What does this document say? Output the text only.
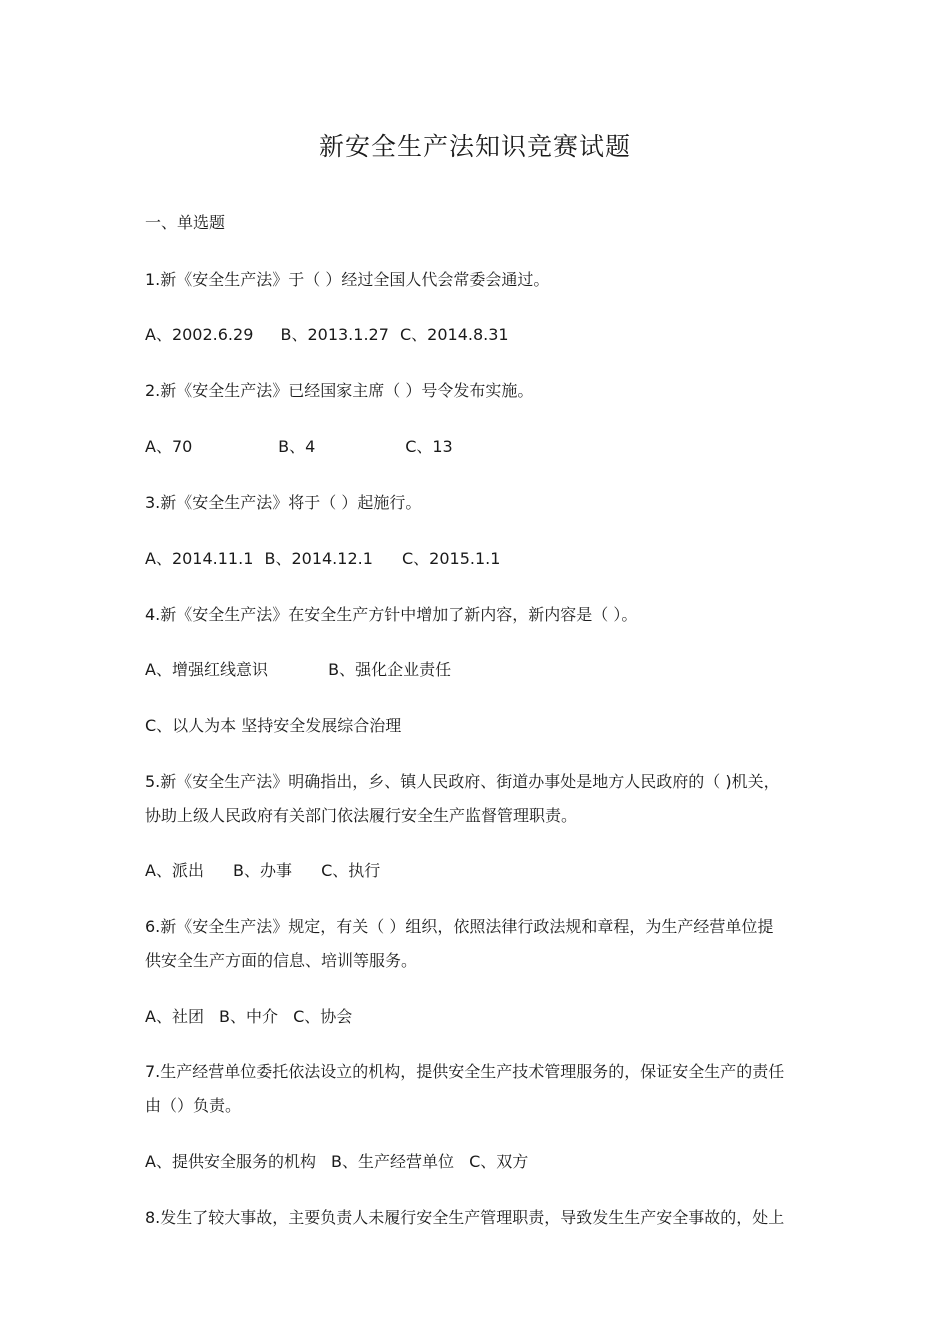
新安全生产法知识竞赛试题
一、单选题
1.新《安全生产法》于（ ）经过全国人代会常委会通过。
A、2002.6.29 B、2013.1.27 C、2014.8.31
2.新《安全生产法》已经国家主席（ ）号令发布实施。
A、70	B、4	C、13
3.新《安全生产法》将于（ ）起施行。
A、2014.11.1 B、2014.12.1 C、2015.1.1
4.新《安全生产法》在安全生产方针中增加了新内容，新内容是（ ）。
A、增强红线意识	B、强化企业责任
C、以人为本 坚持安全发展综合治理
5.新《安全生产法》明确指出，乡、镇人民政府、街道办事处是地方人民政府的（ )机关，
协助上级人民政府有关部门依法履行安全生产监督管理职责。
A、派出 B、办事 C、执行
6.新《安全生产法》规定，有关（ ）组织，依照法律行政法规和章程，为生产经营单位提
供安全生产方面的信息、培训等服务。
A、社团 B、中介 C、协会
7.生产经营单位委托依法设立的机构，提供安全生产技术管理服务的，保证安全生产的责任
由（）负责。
A、提供安全服务的机构 B、生产经营单位 C、双方
8.发生了较大事故，主要负责人未履行安全生产管理职责，导致发生生产安全事故的，处上
